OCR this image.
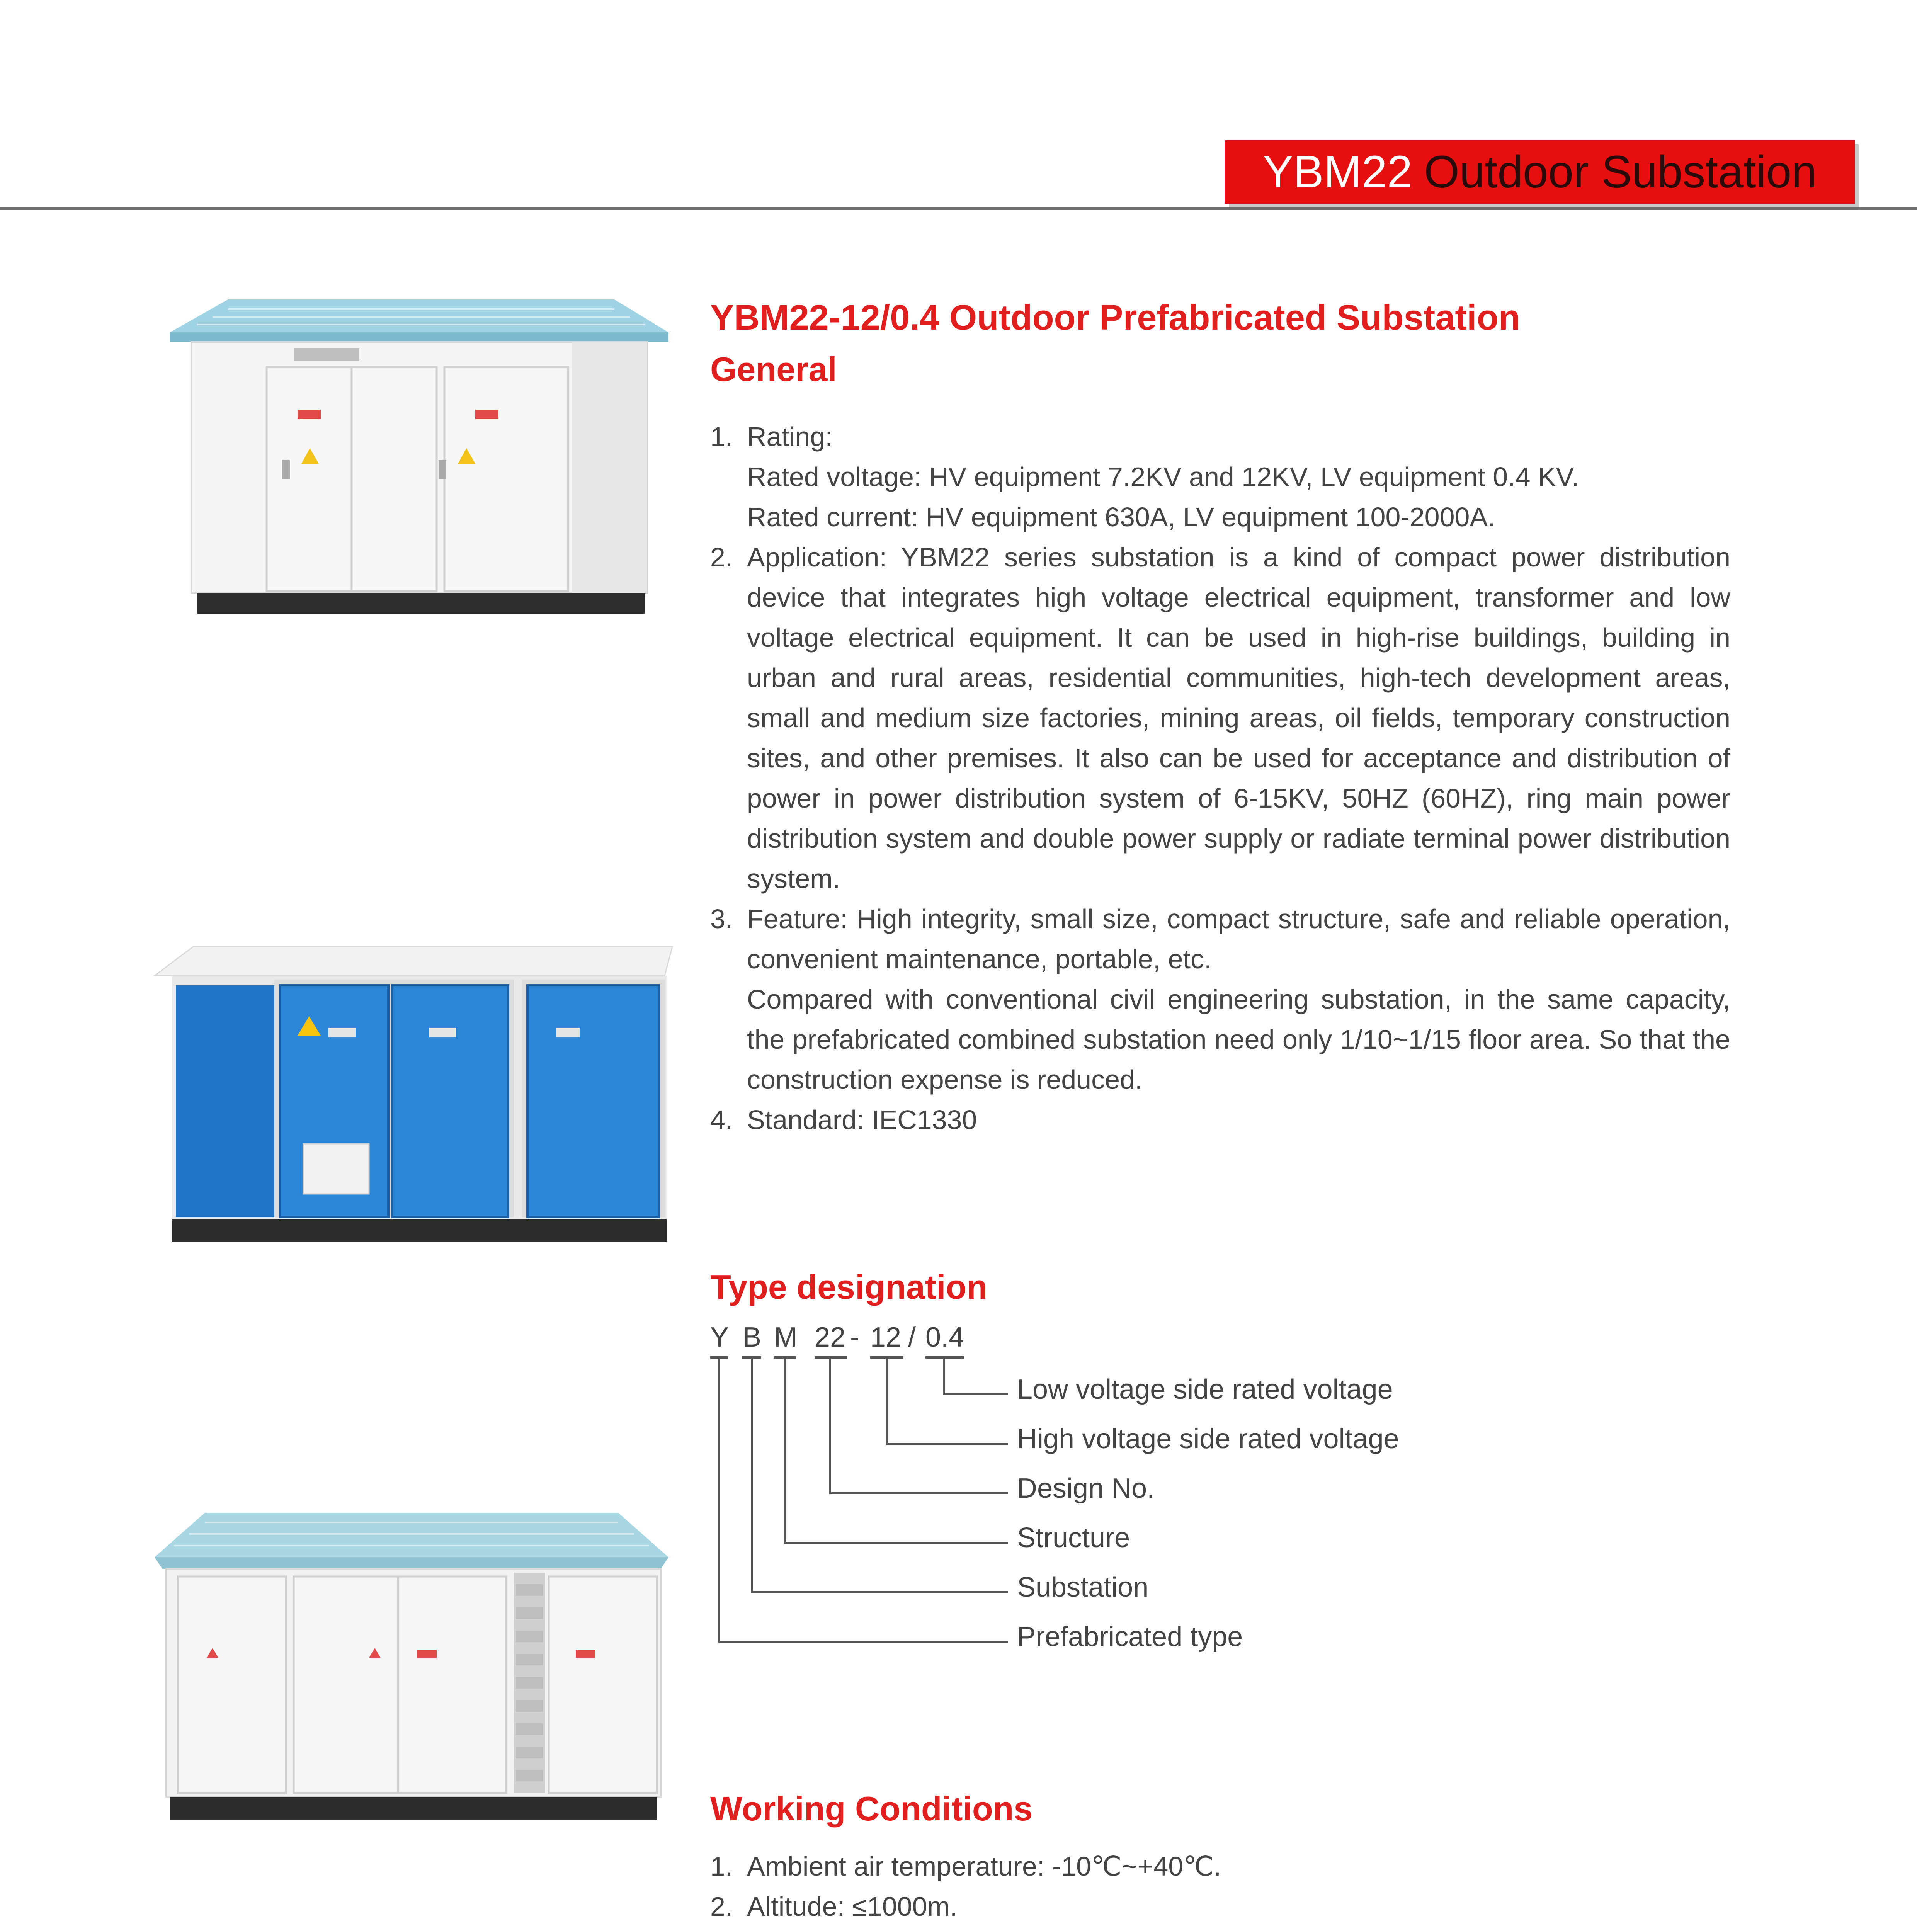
YBM22 Outdoor Substation
YBM22-12/0.4 Outdoor Prefabricated Substation
General
1. Rating:
Rated voltage: HV equipment 7.2KV and 12KV, LV equipment 0.4 KV.
Rated current: HV equipment 630A, LV equipment 100-2000A.
2. Application: YBM22 series substation is a kind of compact power distribution device that integrates high voltage electrical equipment, transformer and low voltage electrical equipment. It can be used in high-rise buildings, building in urban and rural areas, residential communities, high-tech development areas, small and medium size factories, mining areas, oil fields, temporary construction sites, and other premises. It also can be used for acceptance and distribution of power in power distribution system of 6-15KV, 50HZ (60HZ), ring main power distribution system and double power supply or radiate terminal power distribution system.
3. Feature: High integrity, small size, compact structure, safe and reliable operation, convenient maintenance, portable, etc.
Compared with conventional civil engineering substation, in the same capacity, the prefabricated combined substation need only 1/10~1/15 floor area. So that the construction expense is reduced.
4. Standard: IEC1330
Type designation
Y B M 22 - 12 / 0.4
Low voltage side rated voltage
High voltage side rated voltage
Design No.
Structure
Substation
Prefabricated type
Working Conditions
1. Ambient air temperature: -10℃~+40℃.
2. Altitude: ≤1000m.
